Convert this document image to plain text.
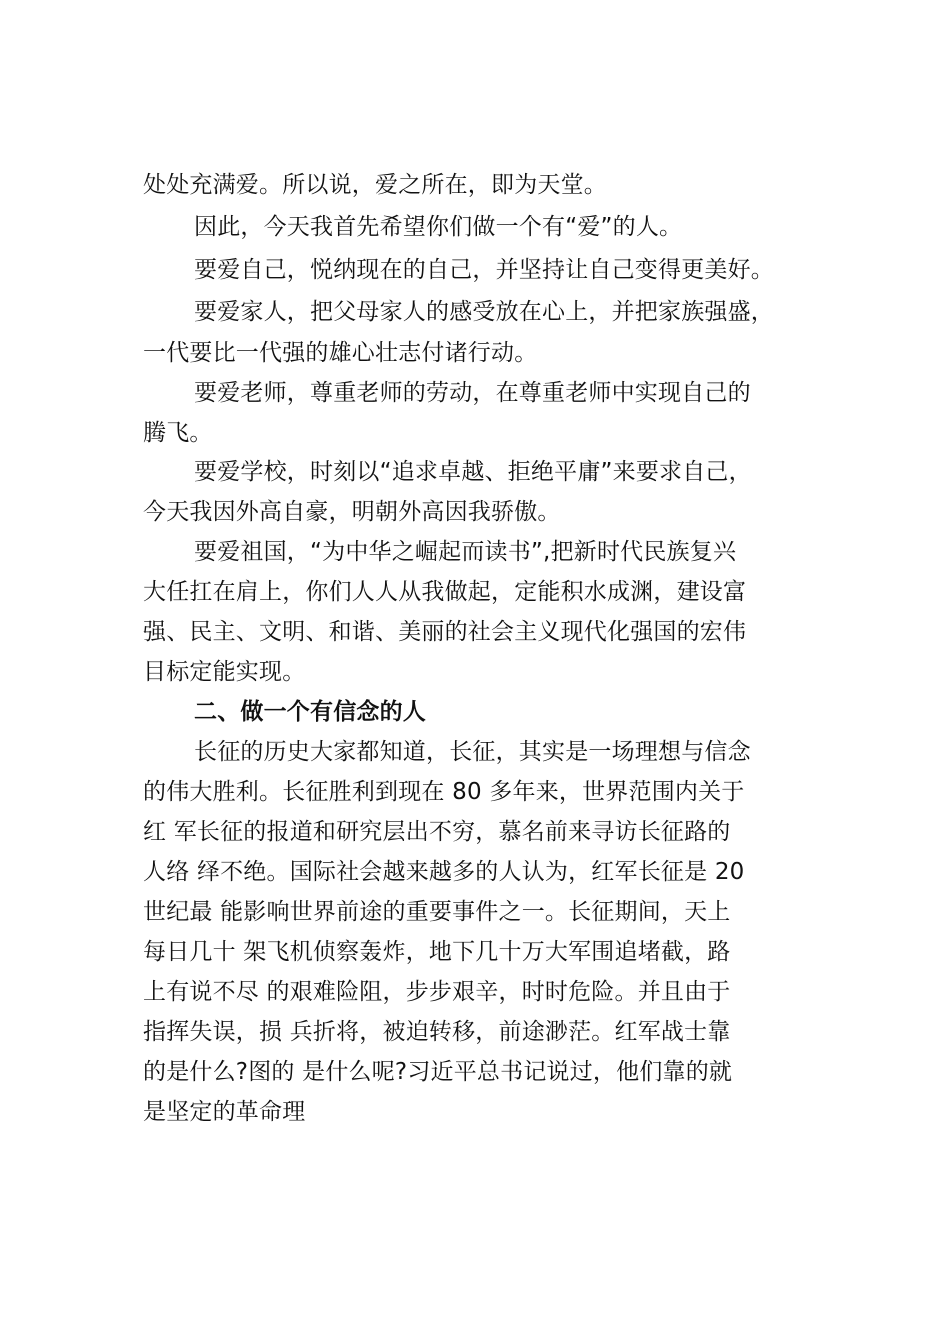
处处充满爱。所以说，爱之所在，即为天堂。
因此，今天我首先希望你们做一个有“爱”的人。
要爱自己，悦纳现在的自己，并坚持让自己变得更美好。
要爱家人，把父母家人的感受放在心上，并把家族强盛，
一代要比一代强的雄心壮志付诸行动。
要爱老师，尊重老师的劳动，在尊重老师中实现自己的
腾飞。
要爱学校，时刻以“追求卓越、拒绝平庸”来要求自己，
今天我因外高自豪，明朝外高因我骄傲。
要爱祖国，“为中华之崛起而读书”,把新时代民族复兴
大任扛在肩上，你们人人从我做起，定能积水成渊，建设富
强、民主、文明、和谐、美丽的社会主义现代化强国的宏伟
目标定能实现。
二、做一个有信念的人
长征的历史大家都知道，长征，其实是一场理想与信念
的伟大胜利。长征胜利到现在 80 多年来，世界范围内关于
红 军长征的报道和研究层出不穷，慕名前来寻访长征路的
人络 绎不绝。国际社会越来越多的人认为，红军长征是 20
世纪最 能影响世界前途的重要事件之一。长征期间，天上
每日几十 架飞机侦察轰炸，地下几十万大军围追堵截，路
上有说不尽 的艰难险阻，步步艰辛，时时危险。并且由于
指挥失误，损 兵折将，被迫转移，前途渺茫。红军战士靠
的是什么?图的 是什么呢?习近平总书记说过，他们靠的就
是坚定的革命理
